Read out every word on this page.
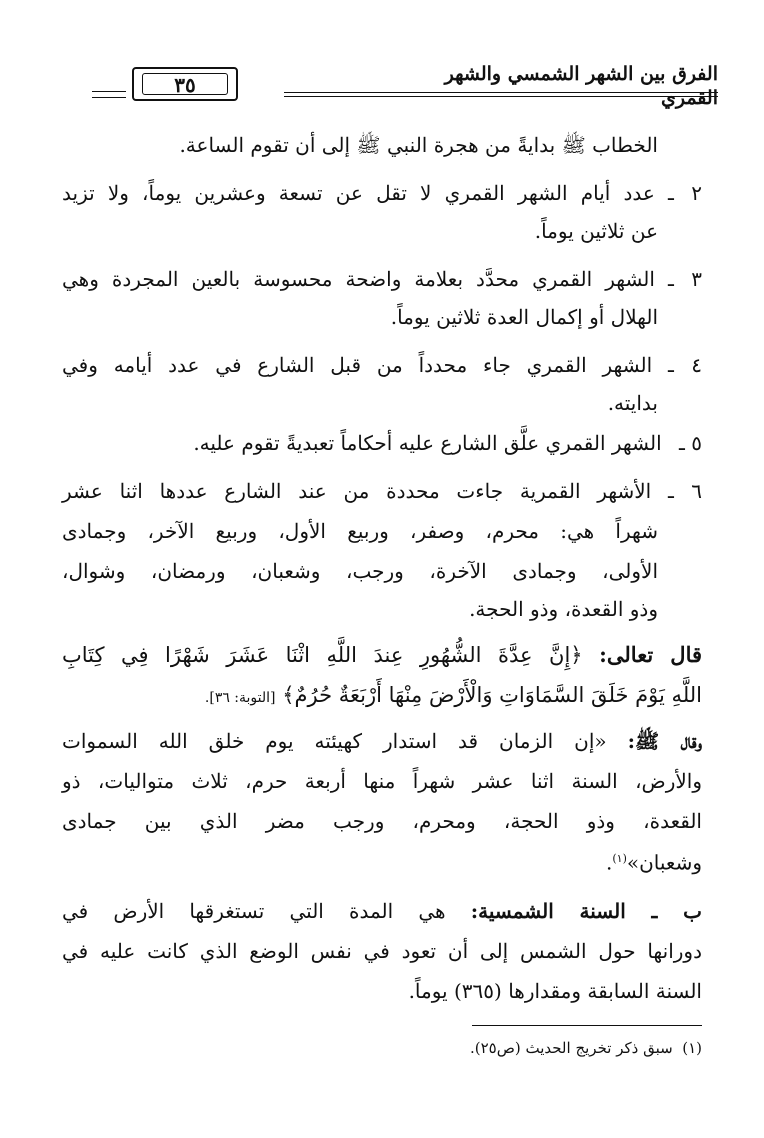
الفرق بين الشهر الشمسي والشهر القمري
٣٥
الخطاب ﷺ بدايةً من هجرة النبي ﷺ إلى أن تقوم الساعة.
٢ ـ عدد أيام الشهر القمري لا تقل عن تسعة وعشرين يوماً، ولا تزيد
عن ثلاثين يوماً.
٣ ـ الشهر القمري محدَّد بعلامة واضحة محسوسة بالعين المجردة وهي
الهلال أو إكمال العدة ثلاثين يوماً.
٤ ـ الشهر القمري جاء محدداً من قبل الشارع في عدد أيامه وفي
بدايته.
٥ ـ الشهر القمري علَّق الشارع عليه أحكاماً تعبديةً تقوم عليه.
٦ ـ الأشهر القمرية جاءت محددة من عند الشارع عددها اثنا عشر
شهراً هي: محرم، وصفر، وربيع الأول، وربيع الآخر، وجمادى
الأولى، وجمادى الآخرة، ورجب، وشعبان، ورمضان، وشوال،
وذو القعدة، وذو الحجة.
قال تعالى: ﴿إِنَّ عِدَّةَ الشُّهُورِ عِندَ اللَّهِ اثْنَا عَشَرَ شَهْرًا فِي كِتَابِ
اللَّهِ يَوْمَ خَلَقَ السَّمَاوَاتِ وَالْأَرْضَ مِنْهَا أَرْبَعَةٌ حُرُمٌ﴾ [التوبة: ٣٦].
وقال ﷺ: «إن الزمان قد استدار كهيئته يوم خلق الله السموات
والأرض، السنة اثنا عشر شهراً منها أربعة حرم، ثلاث متواليات، ذو
القعدة، وذو الحجة، ومحرم، ورجب مضر الذي بين جمادى
وشعبان»$^{(١)}$.
ب ـ السنة الشمسية: هي المدة التي تستغرقها الأرض في
دورانها حول الشمس إلى أن تعود في نفس الوضع الذي كانت عليه في
السنة السابقة ومقدارها (٣٦٥) يوماً.
(١)  سبق ذكر تخريج الحديث (ص٢٥).
